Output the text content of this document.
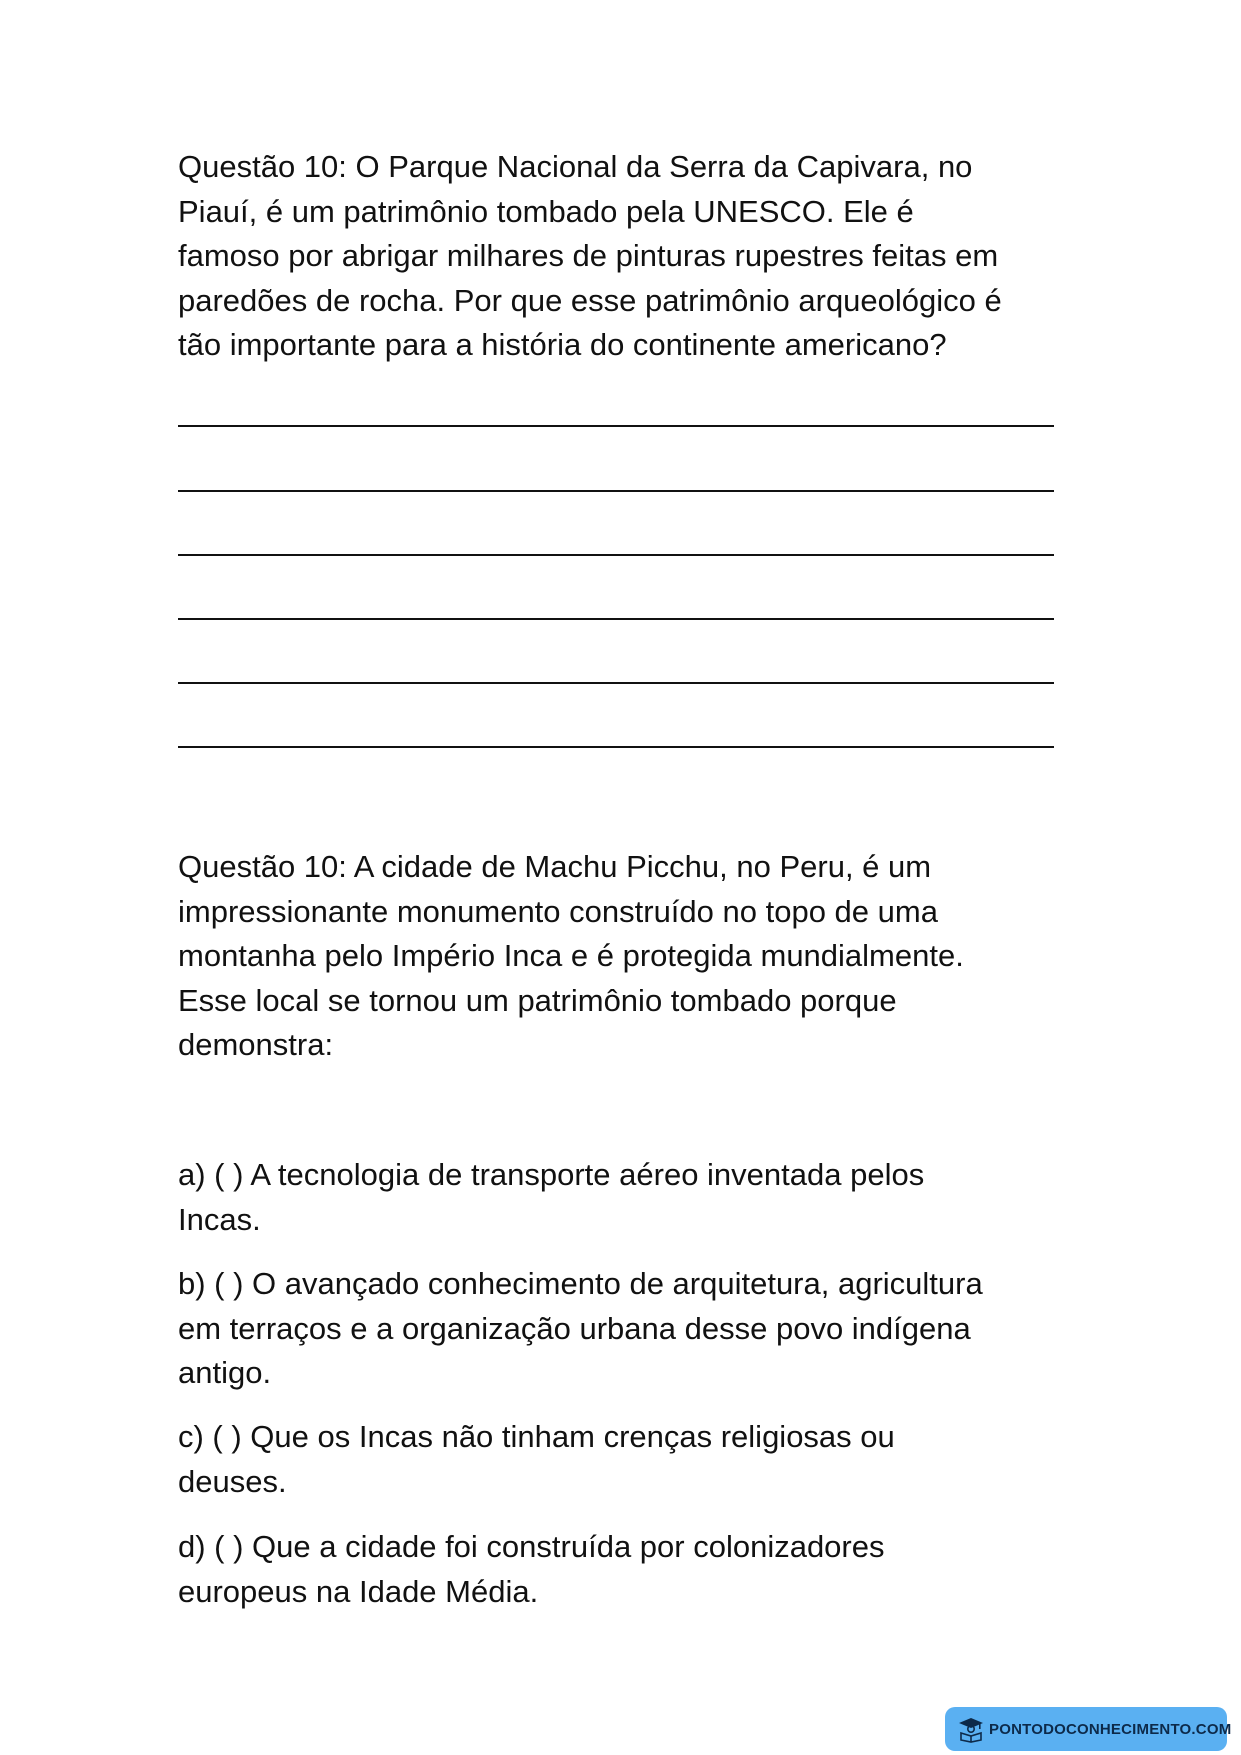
Questão 10: O Parque Nacional da Serra da Capivara, no
Piauí, é um patrimônio tombado pela UNESCO. Ele é
famoso por abrigar milhares de pinturas rupestres feitas em
paredões de rocha. Por que esse patrimônio arqueológico é
tão importante para a história do continente americano?

Questão 10: A cidade de Machu Picchu, no Peru, é um
impressionante monumento construído no topo de uma
montanha pelo Império Inca e é protegida mundialmente.
Esse local se tornou um patrimônio tombado porque
demonstra:

a) ( ) A tecnologia de transporte aéreo inventada pelos
Incas.

b) ( ) O avançado conhecimento de arquitetura, agricultura
em terraços e a organização urbana desse povo indígena
antigo.

c) ( ) Que os Incas não tinham crenças religiosas ou
deuses.

d) ( ) Que a cidade foi construída por colonizadores
europeus na Idade Média.

PONTODOCONHECIMENTO.COM
